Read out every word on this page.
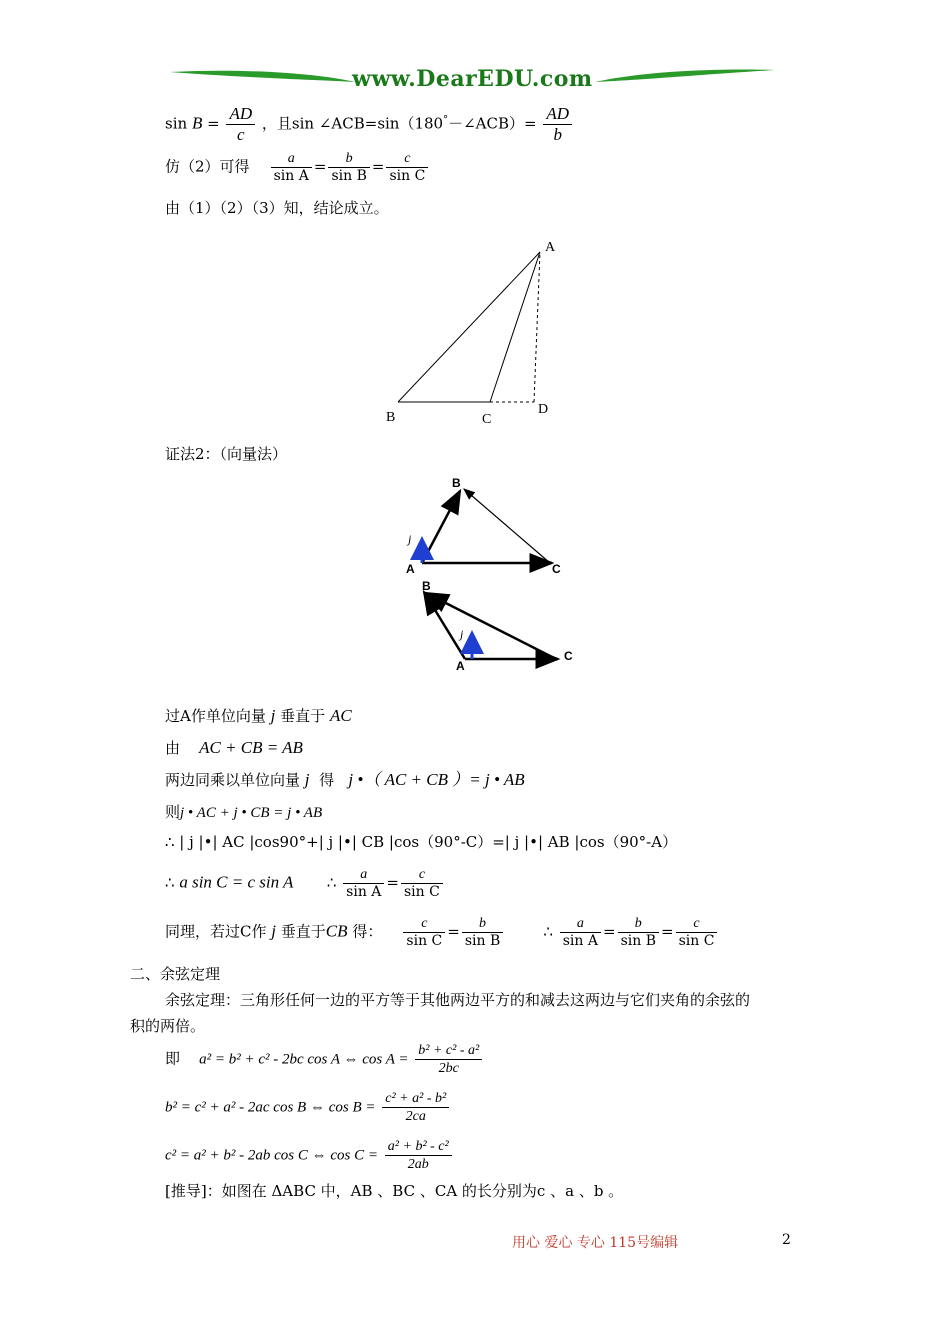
www.DearEDU.com
$\sin B = \frac{AD}{c}$ ，且sin ∠ACB=sin（180°－∠ACB）= $\frac{AD}{b}$
仿（2）可得 $\frac{a}{\text{sin A}} = \frac{b}{\text{sin B}} = \frac{c}{\text{sin C}}$
由（1）（2）（3）知，结论成立。
A
B	C
D
证法2：（向量法）
B
A	C
j
B
A
C
j
过A作单位向量 j 垂直于 AC
由 AC + CB = AB
两边同乘以单位向量 j 得 j •（ AC + CB ）= j • AB
则j • AC + j • CB = j • AB
∴ | j |•| AC |cos90°+| j |•| CB |cos（90°-C）=| j |•| AB |cos（90°-A）
∴ a sin C = c sin A ∴ $\frac{a}{\text{sin A}} = \frac{c}{\text{sin C}}$
同理，若过C作 j 垂直于CB 得： $\frac{c}{\text{sin C}} = \frac{b}{\text{sin B}}$	∴ $\frac{a}{\text{sin A}} = \frac{b}{\text{sin B}} = \frac{c}{\text{sin C}}$
二、余弦定理
余弦定理：三角形任何一边的平方等于其他两边平方的和减去这两边与它们夹角的余弦的
积的两倍。
即 a² = b² + c² - 2bc cos A ⇔ $\cos A = \frac{\text{b² + c² - a²}}{2bc}$
b² = c² + a² - 2ac cos B ⇔ $\cos B = \frac{\text{c² + a² - b²}}{2ca}$
c² = a² + b² - 2ab cos C ⇔ $\cos C = \frac{\text{a² + b² - c²}}{2ab}$
[推导]：如图在 ΔABC 中，AB 、BC 、CA 的长分别为c 、a 、b 。
用心 爱心 专心 115号编辑	2
